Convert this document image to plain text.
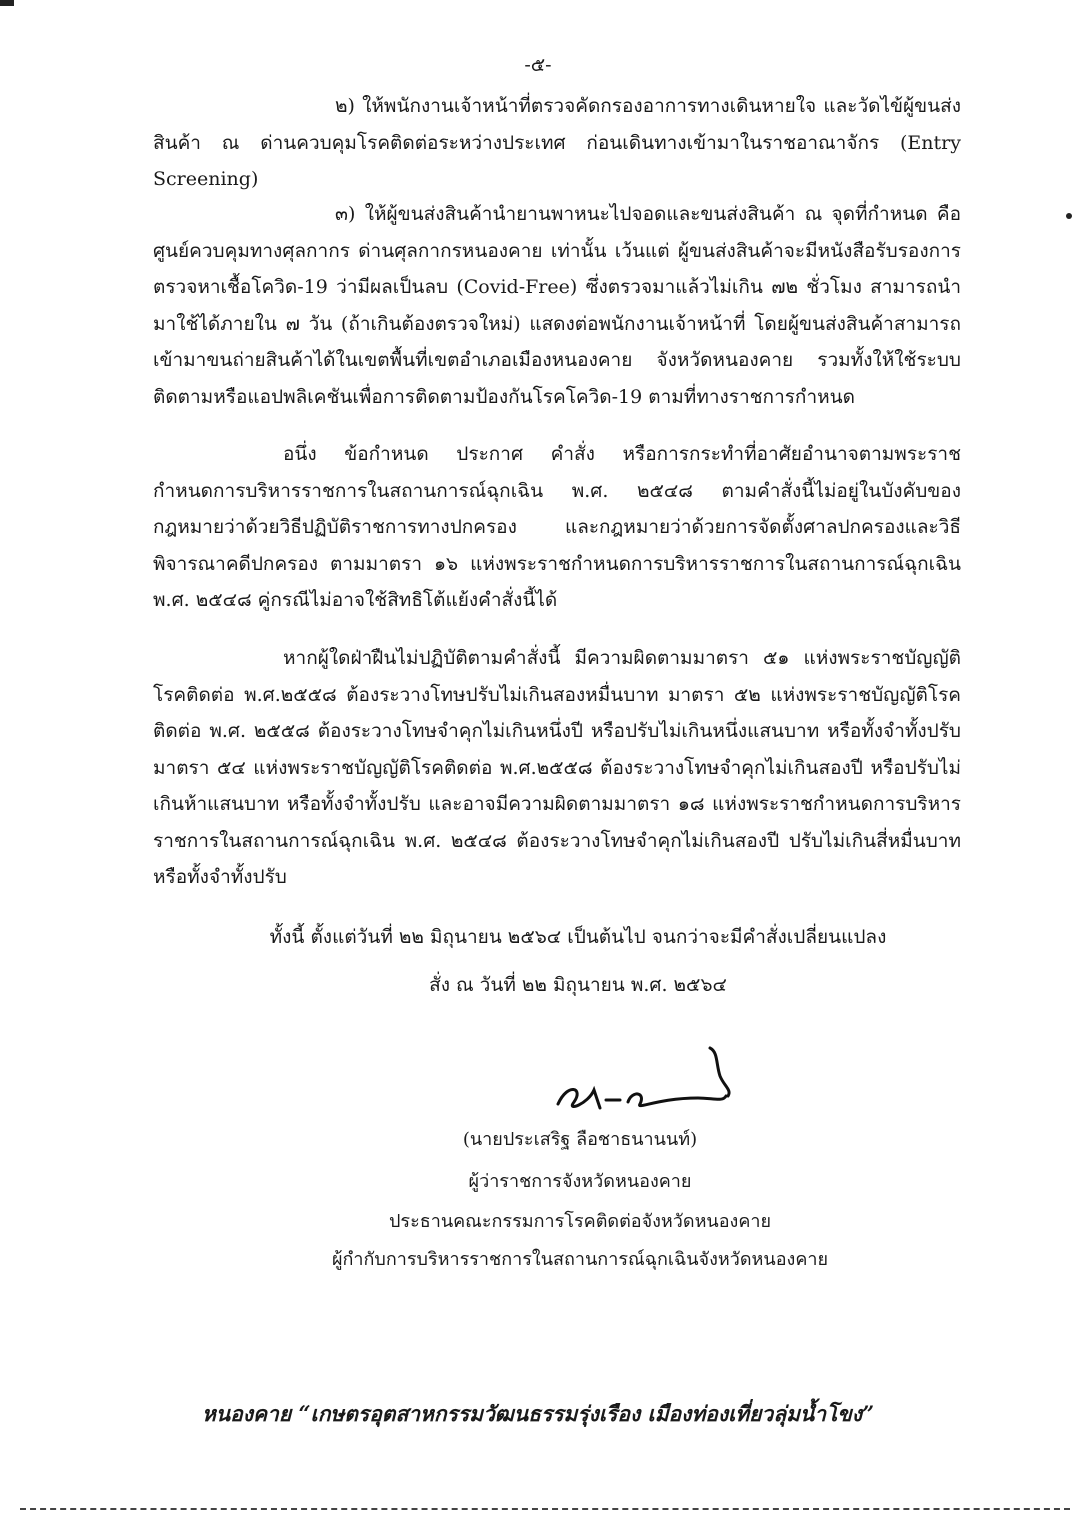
-๕-

๒) ให้พนักงานเจ้าหน้าที่ตรวจคัดกรองอาการทางเดินหายใจ และวัดไข้ผู้ขนส่งสินค้า ณ ด่านควบคุมโรคติดต่อระหว่างประเทศ ก่อนเดินทางเข้ามาในราชอาณาจักร (Entry Screening)

๓) ให้ผู้ขนส่งสินค้านำยานพาหนะไปจอดและขนส่งสินค้า ณ จุดที่กำหนด คือศูนย์ควบคุมทางศุลกากร ด่านศุลกากรหนองคาย เท่านั้น เว้นแต่ ผู้ขนส่งสินค้าจะมีหนังสือรับรองการตรวจหาเชื้อโควิด-19 ว่ามีผลเป็นลบ (Covid-Free) ซึ่งตรวจมาแล้วไม่เกิน ๗๒ ชั่วโมง สามารถนำมาใช้ได้ภายใน ๗ วัน (ถ้าเกินต้องตรวจใหม่) แสดงต่อพนักงานเจ้าหน้าที่ โดยผู้ขนส่งสินค้าสามารถเข้ามาขนถ่ายสินค้าได้ในเขตพื้นที่เขตอำเภอเมืองหนองคาย จังหวัดหนองคาย รวมทั้งให้ใช้ระบบติดตามหรือแอปพลิเคชันเพื่อการติดตามป้องกันโรคโควิด-19 ตามที่ทางราชการกำหนด

อนึ่ง ข้อกำหนด ประกาศ คำสั่ง หรือการกระทำที่อาศัยอำนาจตามพระราชกำหนดการบริหารราชการในสถานการณ์ฉุกเฉิน พ.ศ. ๒๕๔๘ ตามคำสั่งนี้ไม่อยู่ในบังคับของกฎหมายว่าด้วยวิธีปฏิบัติราชการทางปกครอง และกฎหมายว่าด้วยการจัดตั้งศาลปกครองและวิธีพิจารณาคดีปกครอง ตามมาตรา ๑๖ แห่งพระราชกำหนดการบริหารราชการในสถานการณ์ฉุกเฉิน พ.ศ. ๒๕๔๘ คู่กรณีไม่อาจใช้สิทธิโต้แย้งคำสั่งนี้ได้

หากผู้ใดฝ่าฝืนไม่ปฏิบัติตามคำสั่งนี้ มีความผิดตามมาตรา ๕๑ แห่งพระราชบัญญัติโรคติดต่อ พ.ศ.๒๕๕๘ ต้องระวางโทษปรับไม่เกินสองหมื่นบาท มาตรา ๕๒ แห่งพระราชบัญญัติโรคติดต่อ พ.ศ. ๒๕๕๘ ต้องระวางโทษจำคุกไม่เกินหนึ่งปี หรือปรับไม่เกินหนึ่งแสนบาท หรือทั้งจำทั้งปรับ มาตรา ๕๔ แห่งพระราชบัญญัติโรคติดต่อ พ.ศ.๒๕๕๘ ต้องระวางโทษจำคุกไม่เกินสองปี หรือปรับไม่เกินห้าแสนบาท หรือทั้งจำทั้งปรับ และอาจมีความผิดตามมาตรา ๑๘ แห่งพระราชกำหนดการบริหารราชการในสถานการณ์ฉุกเฉิน พ.ศ. ๒๕๔๘ ต้องระวางโทษจำคุกไม่เกินสองปี ปรับไม่เกินสี่หมื่นบาท หรือทั้งจำทั้งปรับ

ทั้งนี้ ตั้งแต่วันที่ ๒๒ มิถุนายน ๒๕๖๔ เป็นต้นไป จนกว่าจะมีคำสั่งเปลี่ยนแปลง
สั่ง ณ วันที่ ๒๒ มิถุนายน พ.ศ. ๒๕๖๔
(นายประเสริฐ ลือชาธนานนท์)
ผู้ว่าราชการจังหวัดหนองคาย
ประธานคณะกรรมการโรคติดต่อจังหวัดหนองคาย
ผู้กำกับการบริหารราชการในสถานการณ์ฉุกเฉินจังหวัดหนองคาย
หนองคาย “เกษตรอุตสาหกรรมวัฒนธรรมรุ่งเรือง เมืองท่องเที่ยวลุ่มน้ำโขง”
